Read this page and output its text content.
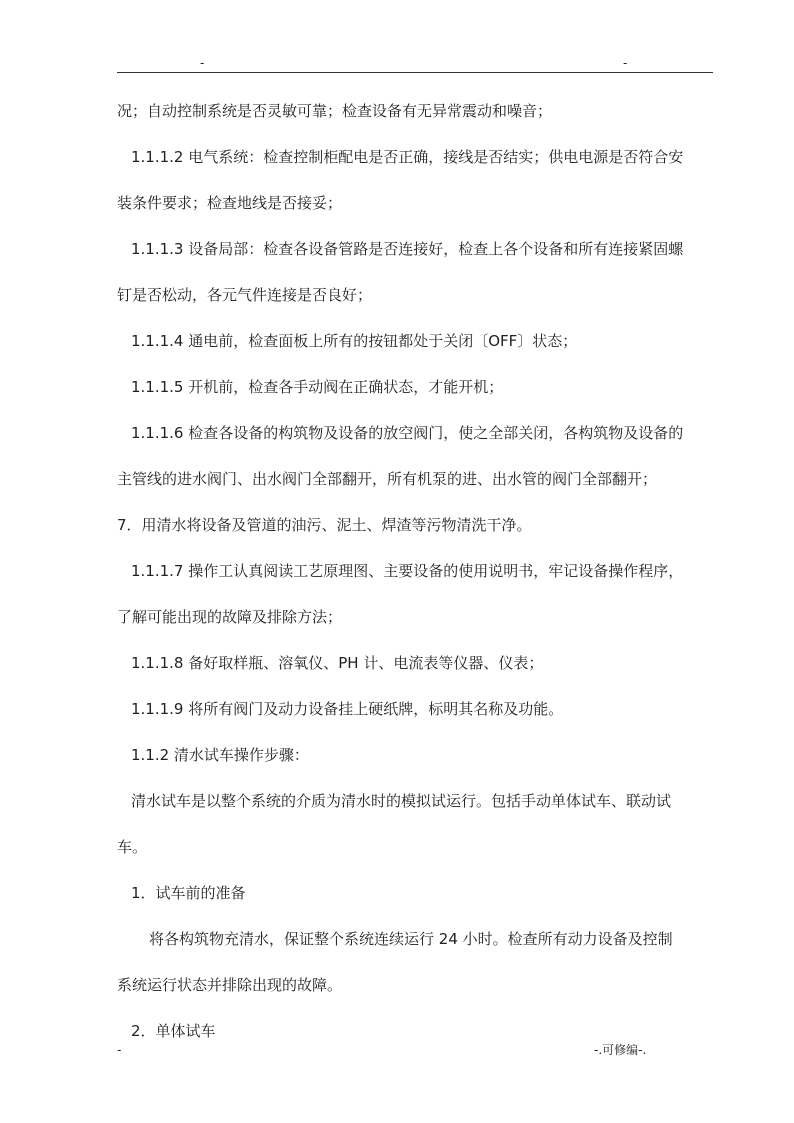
-	-

况；自动控制系统是否灵敏可靠；检查设备有无异常震动和噪音；

1.1.1.2 电气系统：检查控制柜配电是否正确，接线是否结实；供电电源是否符合安

装条件要求；检查地线是否接妥；

1.1.1.3 设备局部：检查各设备管路是否连接好，检查上各个设备和所有连接紧固螺

钉是否松动，各元气件连接是否良好；

1.1.1.4 通电前，检查面板上所有的按钮都处于关闭〔OFF〕状态；

1.1.1.5 开机前，检查各手动阀在正确状态，才能开机；

1.1.1.6 检查各设备的构筑物及设备的放空阀门，使之全部关闭，各构筑物及设备的

主管线的进水阀门、出水阀门全部翻开，所有机泵的进、出水管的阀门全部翻开；

7．用清水将设备及管道的油污、泥土、焊渣等污物清洗干净。

1.1.1.7 操作工认真阅读工艺原理图、主要设备的使用说明书，牢记设备操作程序，

了解可能出现的故障及排除方法；

1.1.1.8 备好取样瓶、溶氧仪、PH 计、电流表等仪器、仪表；

1.1.1.9 将所有阀门及动力设备挂上硬纸牌，标明其名称及功能。

1.1.2 清水试车操作步骤：

清水试车是以整个系统的介质为清水时的模拟试运行。包括手动单体试车、联动试

车。

1．试车前的准备

将各构筑物充清水，保证整个系统连续运行 24 小时。检查所有动力设备及控制

系统运行状态并排除出现的故障。

2．单体试车

-	-.可修编-.
